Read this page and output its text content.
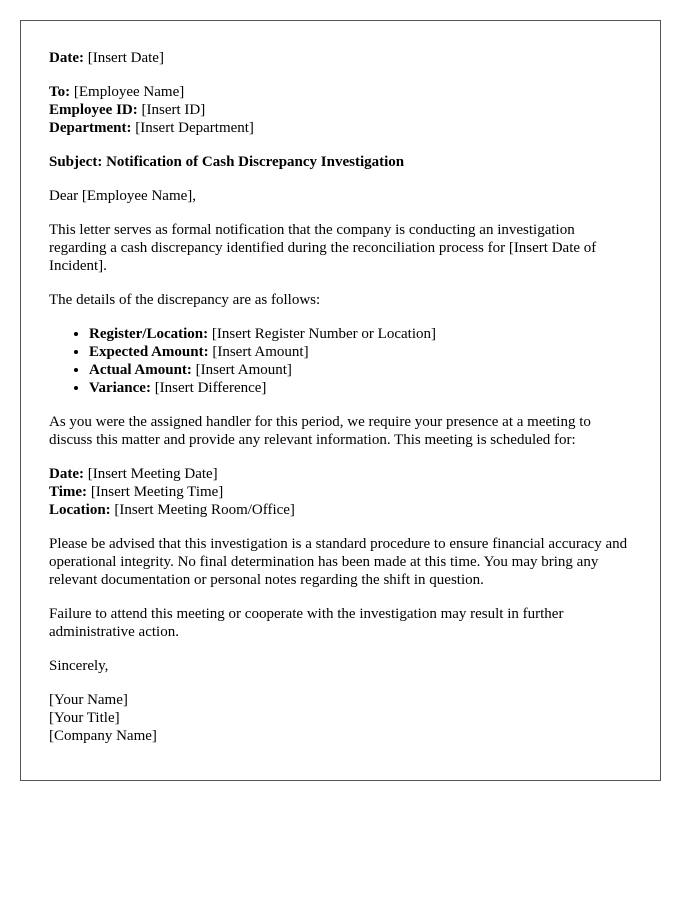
Date: [Insert Date]

To: [Employee Name]
Employee ID: [Insert ID]
Department: [Insert Department]

Subject: Notification of Cash Discrepancy Investigation

Dear [Employee Name],

This letter serves as formal notification that the company is conducting an investigation regarding a cash discrepancy identified during the reconciliation process for [Insert Date of Incident].

The details of the discrepancy are as follows:

• Register/Location: [Insert Register Number or Location]
• Expected Amount: [Insert Amount]
• Actual Amount: [Insert Amount]
• Variance: [Insert Difference]

As you were the assigned handler for this period, we require your presence at a meeting to discuss this matter and provide any relevant information. This meeting is scheduled for:

Date: [Insert Meeting Date]
Time: [Insert Meeting Time]
Location: [Insert Meeting Room/Office]

Please be advised that this investigation is a standard procedure to ensure financial accuracy and operational integrity. No final determination has been made at this time. You may bring any relevant documentation or personal notes regarding the shift in question.

Failure to attend this meeting or cooperate with the investigation may result in further administrative action.

Sincerely,

[Your Name]
[Your Title]
[Company Name]
